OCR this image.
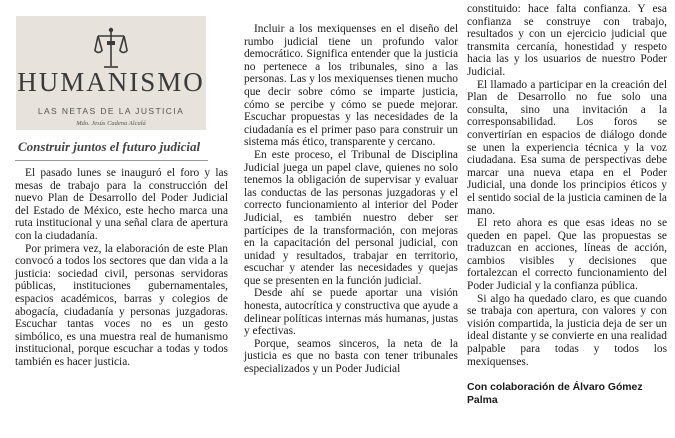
HUMANISMO
LAS NETAS DE LA JUSTICIA
Mdo. Jesús Cadena Alcalá
Construir juntos el futuro judicial

El pasado lunes se inauguró el foro y las mesas de trabajo para la construcción del nuevo Plan de Desarrollo del Poder Judicial del Estado de México, este hecho marca una ruta institucional y una señal clara de apertura con la ciudadanía.

Por primera vez, la elaboración de este Plan convocó a todos los sectores que dan vida a la justicia: sociedad civil, personas servidoras públicas, instituciones gubernamentales, espacios académicos, barras y colegios de abogacía, ciudadanía y personas juzgadoras. Escuchar tantas voces no es un gesto simbólico, es una muestra real de humanismo institucional, porque escuchar a todas y todos también es hacer justicia.

Incluir a los mexiquenses en el diseño del rumbo judicial tiene un profundo valor democrático. Significa entender que la justicia no pertenece a los tribunales, sino a las personas. Las y los mexiquenses tienen mucho que decir sobre cómo se imparte justicia, cómo se percibe y cómo se puede mejorar. Escuchar propuestas y las necesidades de la ciudadanía es el primer paso para construir un sistema más ético, transparente y cercano.

En este proceso, el Tribunal de Disciplina Judicial juega un papel clave, quienes no solo tenemos la obligación de supervisar y evaluar las conductas de las personas juzgadoras y el correcto funcionamiento al interior del Poder Judicial, es también nuestro deber ser partícipes de la transformación, con mejoras en la capacitación del personal judicial, con unidad y resultados, trabajar en territorio, escuchar y atender las necesidades y quejas que se presenten en la función judicial.

Desde ahí se puede aportar una visión honesta, autocrítica y constructiva que ayude a delinear políticas internas más humanas, justas y efectivas.

Porque, seamos sinceros, la neta de la justicia es que no basta con tener tribunales especializados y un Poder Judicial

constituido: hace falta confianza. Y esa confianza se construye con trabajo, resultados y con un ejercicio judicial que transmita cercanía, honestidad y respeto hacia las y los usuarios de nuestro Poder Judicial.

El llamado a participar en la creación del Plan de Desarrollo no fue solo una consulta, sino una invitación a la corresponsabilidad. Los foros se convertirían en espacios de diálogo donde se unen la experiencia técnica y la voz ciudadana. Esa suma de perspectivas debe marcar una nueva etapa en el Poder Judicial, una donde los principios éticos y el sentido social de la justicia caminen de la mano.

El reto ahora es que esas ideas no se queden en papel. Que las propuestas se traduzcan en acciones, líneas de acción, cambios visibles y decisiones que fortalezcan el correcto funcionamiento del Poder Judicial y la confianza pública.

Si algo ha quedado claro, es que cuando se trabaja con apertura, con valores y con visión compartida, la justicia deja de ser un ideal distante y se convierte en una realidad palpable para todas y todos los mexiquenses.

Con colaboración de Álvaro Gómez Palma
